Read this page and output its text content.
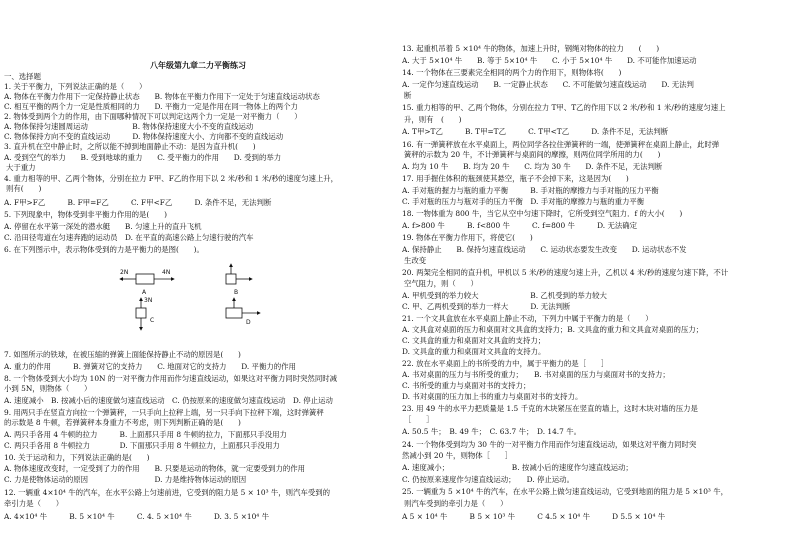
八年级第九章二力平衡练习
一、选择题
1. 关于平衡力，下列说法正确的是（　　）
A. 物体在平衡力作用下一定保持静止状态　　B. 物体在平衡力作用下一定处于匀速直线运动状态
C. 相互平衡的两个力一定是性质相同的力　　D. 平衡力一定是作用在同一物体上的两个力
2. 物体受到两个力的作用，由下面哪种情况下可以判定这两个力一定是一对平衡力（　　）
A. 物体保持匀速圆周运动　　　　　　B. 物体保持速度大小不变的直线运动
C. 物体保持方向不变的直线运动　　　D. 物体保持速度大小、方向都不变的直线运动
3. 直升机在空中静止时，之所以能不掉到地面静止不动：是因为直升机(　　)
A. 受到空气的举力　　B. 受到地球的重力　　C. 受平衡力的作用　　D. 受到的举力
大于重力
4. 重力相等的甲、乙两个物体，分别在拉力 F甲、F乙的作用下以 2 米/秒和 1 米/秒的速度匀速上升，
则有(　　)
A. F甲>F乙　　　B. F甲=F乙　　　C. F甲<F乙　　　D. 条件不足，无法判断
5. 下列现象中，物体受到非平衡力作用的是(　　)
A. 停留在水平第一深处的潜水艇　　B. 匀速上升的直升飞机
C. 沿田径弯道在匀速奔跑的运动员　D. 在平直的高速公路上匀速行驶的汽车
6. 在下列图示中，表示物体受到的力是平衡力的是图(　　)。
2N	4N
A	B
3N
C	D
7. 如图所示的铁球，在被压缩的弹簧上面能保持静止不动的原因是(　　)
A. 重力的作用　　　B. 弹簧对它的支持力　　C. 地面对它的支持力　　D. 平衡力的作用
8. 一个物体受到大小均为 10N 的一对平衡力作用而作匀速直线运动，如果这对平衡力同时突然同时减
小到 5N，则物体（　　）
A. 速度减小　B. 按减小后的速度做匀速直线运动　C. 仍按原来的速度做匀速直线运动　D. 停止运动
9. 用两只手在竖直方向拉一个弹簧秤，一只手向上拉秤上端，另一只手向下拉秤下端，这时弹簧秤
的示数是 8 牛顿，若弹簧秤本身重力不考虑，则下列判断正确的是(　　)
A. 两只手各用 4 牛顿的拉力　　　B. 上面那只手用 8 牛顿的拉力，下面那只手没用力
C. 两只手各用 8 牛顿拉力　　　　D. 下面那只手用 8 牛顿拉力，上面那只手没用力
10. 关于运动和力，下列说法正确的是(　　)
A. 物体速度改变时，一定受到了力的作用　　B. 只要是运动的物体，就一定要受到力的作用
C. 力是使物体运动的原因　　　　　　　　　D. 力是维持物体运动的原因
12. 一辆重 4×10⁴ 牛的汽车，在水平公路上匀速前进，它受到的阻力是 5 × 10³ 牛，则汽车受到的
牵引力是（　　）
A. 4×10⁴ 牛　　　B. 5 ×10⁴ 牛　　　C. 4. 5 ×10⁴ 牛　　　D. 3. 5 ×10⁴ 牛
13. 起重机吊着 5 ×10⁴ 牛的物体，加速上升时，钢绳对物体的拉力　　(　　)
A. 大于 5×10⁴ 牛　　B. 等于 5×10⁴ 牛　　C. 小于 5×10⁴ 牛　　D. 不可能作加速运动
14. 一个物体在三要素完全相同的两个力的作用下，则物体将(　　)
A. 一定作匀速直线运动　　B. 一定静止状态　　C. 不可能做匀速直线运动　　D. 无法判
断
15. 重力相等的甲、乙两个物体，分别在拉力 T甲、T乙的作用下以 2 米/秒和 1 米/秒的速度匀速上
升，则有　(　　)
A. T甲>T乙　　　B. T甲=T乙　　　C. T甲<T乙　　　D. 条件不足，无法判断
16. 有一弹簧秤放在水平桌面上，两位同学各拉住弹簧秤的一端，使弹簧秤在桌面上静止，此时弹
簧秤的示数为 20 牛，不计弹簧秤与桌面间的摩擦，则两位同学所用的力(　　)
A. 均为 10 牛　　B. 均为 20 牛　　C. 均为 30 牛　　D. 条件不足，无法判断
17. 用手握住体积的瓶颈使其悬空，瓶子不会掉下来，这是因为(　　)
A. 手对瓶的握力与瓶的重力平衡　　　B. 手对瓶的摩擦力与手对瓶的压力平衡
C. 手对瓶的压力与瓶对手的压力平衡　D. 手对瓶的摩擦力与瓶的重力平衡
18. 一物体重为 800 牛，当它从空中匀速下降时，它所受到空气阻力．f 的大小(　　)
A. f>800 牛　　　B. f<800 牛　　　C. f=800 牛　　　D. 无法确定
19. 物体在平衡力作用下，将使它(　　)
A. 保持静止　　B. 保持匀速直线运动　　C. 运动状态要发生改变　　D. 运动状态不发
生改变
20. 两架完全相同的直升机，甲机以 5 米/秒的速度匀速上升，乙机以 4 米/秒的速度匀速下降，不计
空气阻力，则（　　）
A. 甲机受到的举力较大　　　　　　　B. 乙机受到的举力较大
C. 甲、乙两机受到的举力一样大　　　D. 无法判断
21. 一个文具盒放在水平桌面上静止不动，下列力中属于平衡力的是（　　）
A. 文具盒对桌面的压力和桌面对文具盒的支持力；B. 文具盒的重力和文具盒对桌面的压力；
C. 文具盒的重力和桌面对文具盒的支持力；
D. 文具盒的重力和桌面对文具盒的支持力。
22. 放在水平桌面上的书所受的力中，属于平衡力的是［　　］
A. 书对桌面的压力与书所受的重力；　　B. 书对桌面的压力与桌面对书的支持力；
C. 书所受的重力与桌面对书的支持力；
D. 书对桌面的压力加上书的重力与桌面对书的支持力。
23. 用 49 牛的水平力把质量是 1.5 千克的木块紧压在竖直的墙上，这时木块对墙的压力是
［　　］
A. 50.5 牛；　B. 49 牛；　C. 63.7 牛；　D. 14.7 牛。
24. 一个物体受到均为 30 牛的一对平衡力作用而作匀速直线运动，如果这对平衡力同时突
然减小到 20 牛，则物体［　　］
A. 速度减小；　　　　　　　　　B. 按减小后的速度作匀速直线运动；
C. 仍按原来速度作匀速直线运动；　　D. 停止运动。
25. 一辆重为 5 ×10⁴ 牛的汽车，在水平公路上做匀速直线运动，它受到地面的阻力是 5 ×10³ 牛，
则汽车受到的牵引力是（　　）
A 5 × 10⁴ 牛　　　B 5 × 10³ 牛　　　C 4.5 × 10⁴ 牛　　　D 5.5 × 10⁴ 牛
